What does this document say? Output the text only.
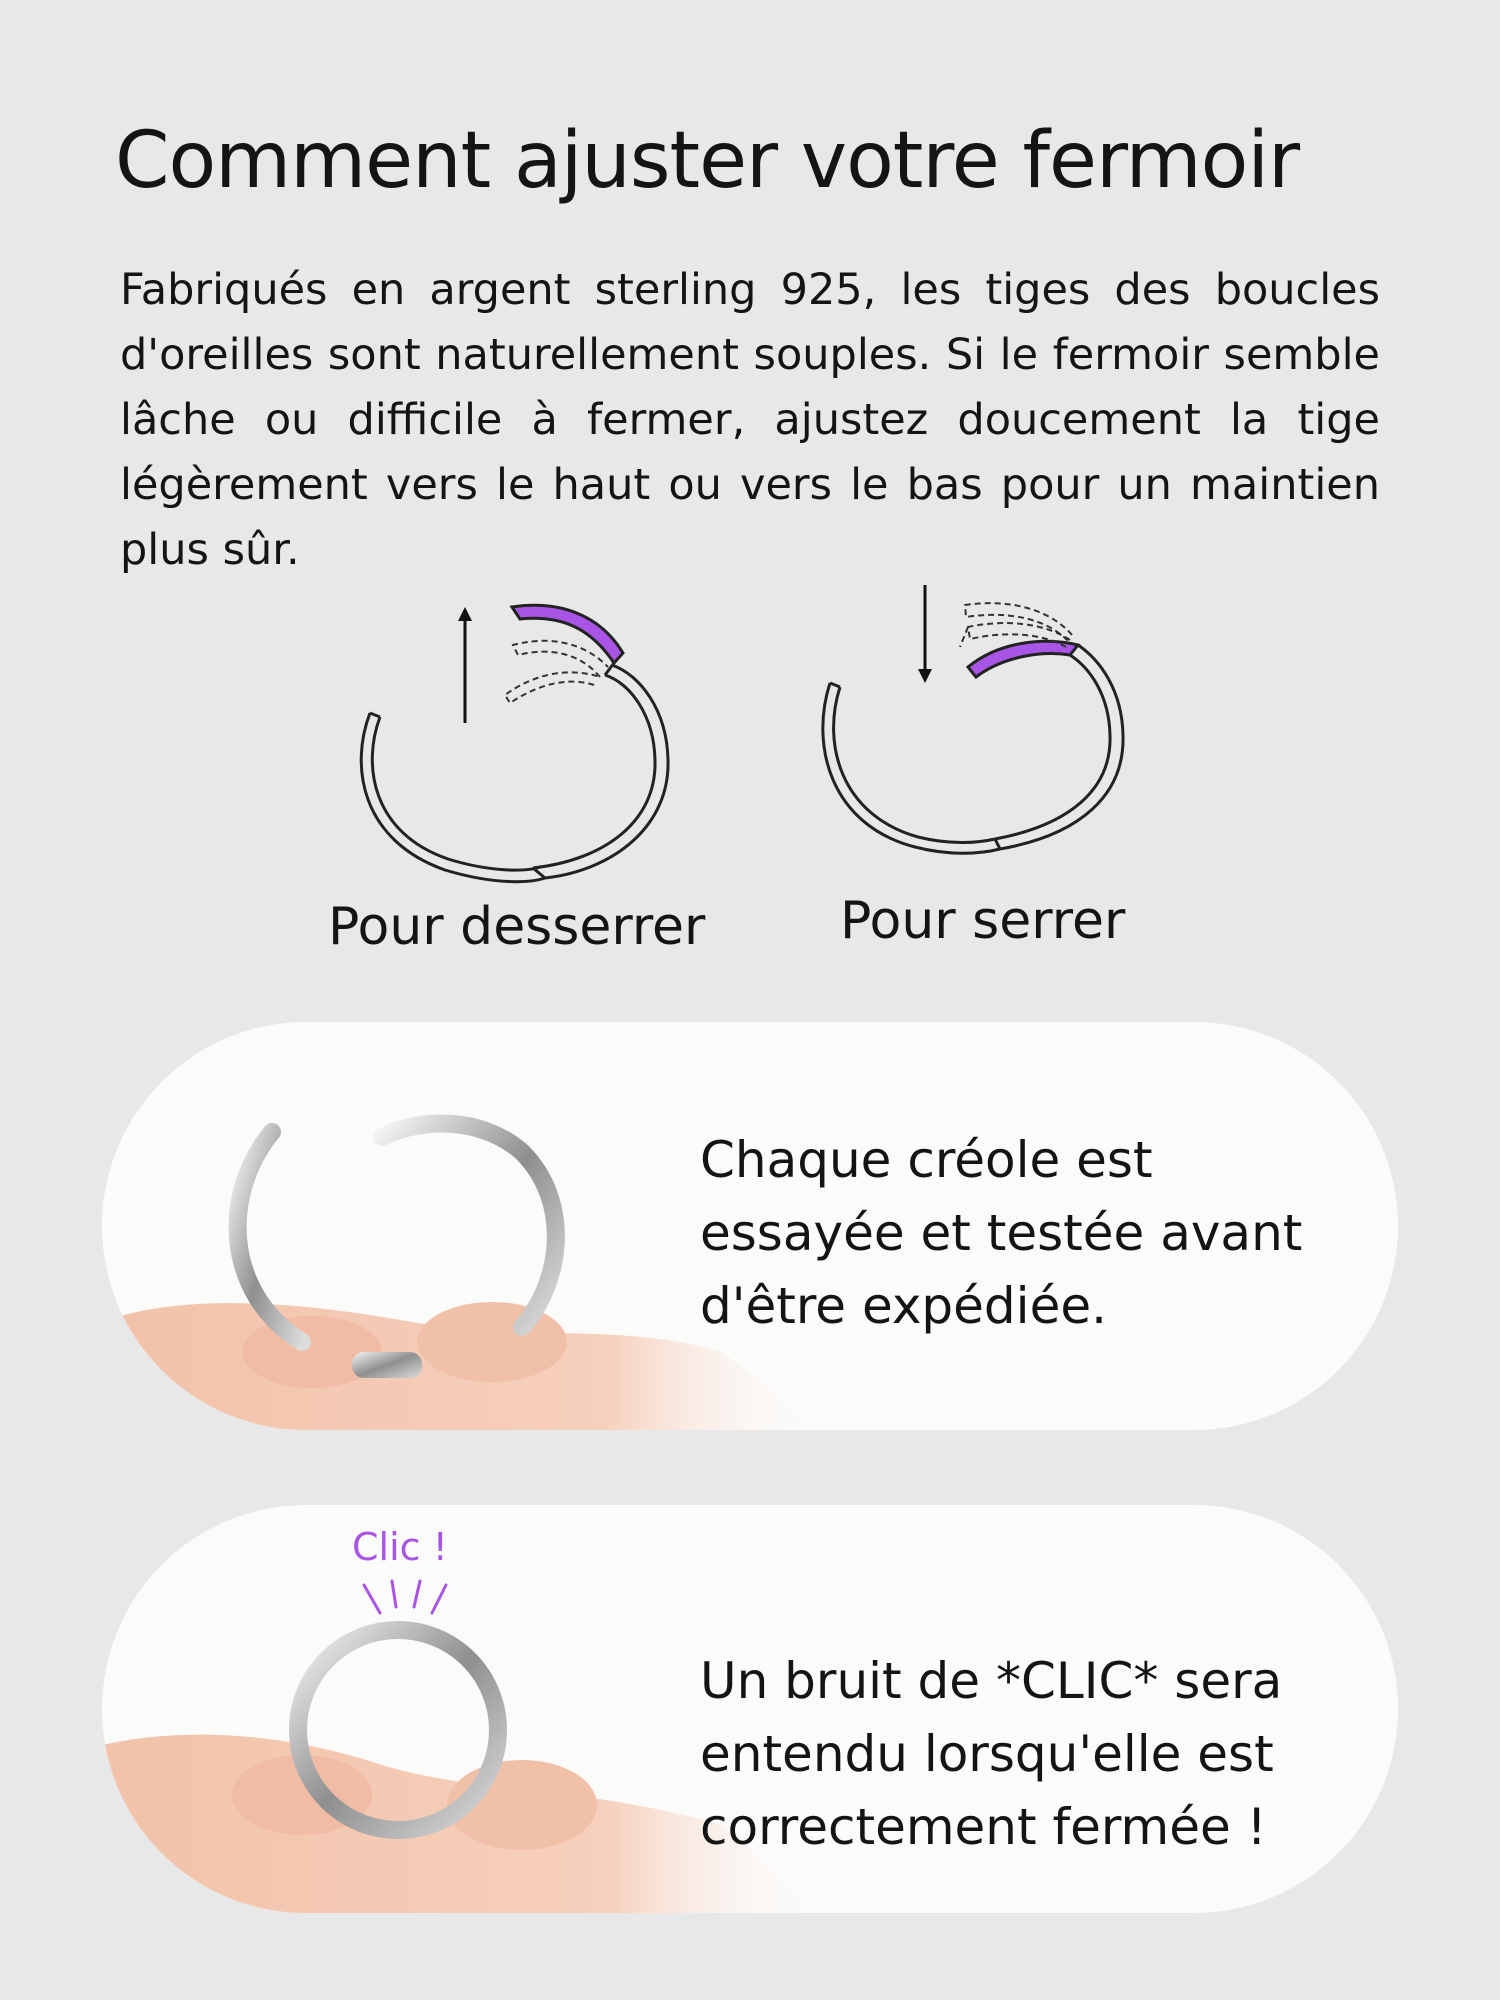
Comment ajuster votre fermoir

Fabriqués en argent sterling 925, les tiges des boucles d'oreilles sont naturellement souples. Si le fermoir semble lâche ou difficile à fermer, ajustez doucement la tige légèrement vers le haut ou vers le bas pour un maintien plus sûr.

Pour desserrer	Pour serrer
Chaque créole est
essayée et testée avant
d'être expédiée.
Clic !
Un bruit de *CLIC* sera
entendu lorsqu'elle est
correctement fermée !
